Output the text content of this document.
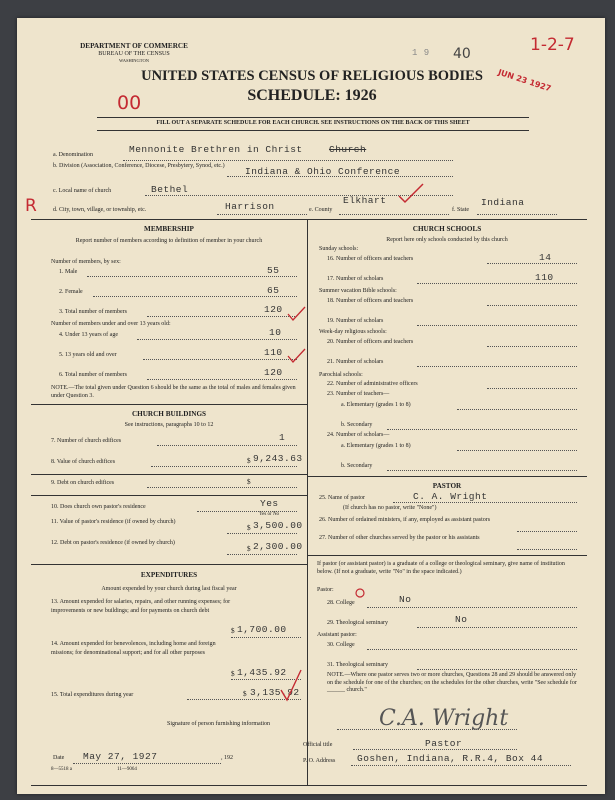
DEPARTMENT OF COMMERCE
BUREAU OF THE CENSUS
WASHINGTON
UNITED STATES CENSUS OF RELIGIOUS BODIES
SCHEDULE: 1926
1 9 40	1-2-7
JUN 23 1927
00
FILL OUT A SEPARATE SCHEDULE FOR EACH CHURCH. SEE INSTRUCTIONS ON THE BACK OF THIS SHEET
a. Denomination	Mennonite Brethren in Christ	Church
b. Division (Association, Conference, Diocese, Presbytery, Synod, etc.)	Indiana & Ohio Conference
c. Local name of church	Bethel
R	d. City, town, village, or township, etc.	Harrison	e. County
Elkhart
f. State
Indiana
MEMBERSHIP
Report number of members according to definition of member in your church
Number of members, by sex:
1. Male	55
2. Female	65
3. Total number of members	120
Number of members under and over 13 years old:
4. Under 13 years of age	10
5. 13 years old and over	110
6. Total number of members	120
NOTE.—The total given under Question 6 should be the same as the total of males and females given under Question 3.
CHURCH BUILDINGS
See instructions, paragraphs 10 to 12
7. Number of church edifices	1
8. Value of church edifices	$ 9,243.63
9. Debt on church edifices	$
10. Does church own pastor's residence	Yes
Yes or No
11. Value of pastor's residence (if owned by church)
$ 3,500.00
12. Debt on pastor's residence (if owned by church)
$ 2,300.00
EXPENDITURES
Amount expended by your church during last fiscal year
13. Amount expended for salaries, repairs, and other running expenses; for improvements or new buildings; and for payments on church debt
$ 1,700.00
14. Amount expended for benevolences, including home and foreign missions; for denominational support; and for all other purposes
$ 1,435.92
15. Total expenditures during year	$ 3,135.92
CHURCH SCHOOLS
Report here only schools conducted by this church
Sunday schools:
16. Number of officers and teachers	14
17. Number of scholars	110
Summer vacation Bible schools:
18. Number of officers and teachers
19. Number of scholars
Week-day religious schools:
20. Number of officers and teachers
21. Number of scholars
Parochial schools:
22. Number of administrative officers
23. Number of teachers—
a. Elementary (grades 1 to 8)
b. Secondary
24. Number of scholars—
a. Elementary (grades 1 to 8)
b. Secondary
PASTOR
25. Name of pastor	C. A. Wright
(If church has no pastor, write "None")
26. Number of ordained ministers, if any, employed as assistant pastors
27. Number of other churches served by the pastor or his assistants
If pastor (or assistant pastor) is a graduate of a college or theological seminary, give name of institution below. (If not a graduate, write "No" in the space indicated.)
Pastor:
28. College	No
29. Theological seminary	No
Assistant pastor:
30. College
31. Theological seminary
NOTE.—Where one pastor serves two or more churches, Questions 28 and 29 should be answered only on the schedule for one of the churches; on the schedules for the other churches, write "See schedule for ______ church."
Signature of person furnishing information	C.A. Wright
Official title	Pastor
Date May 27, 1927	, 192	P. O. Address Goshen, Indiana, R.R.4, Box 44
8—5518 a	11—9064
